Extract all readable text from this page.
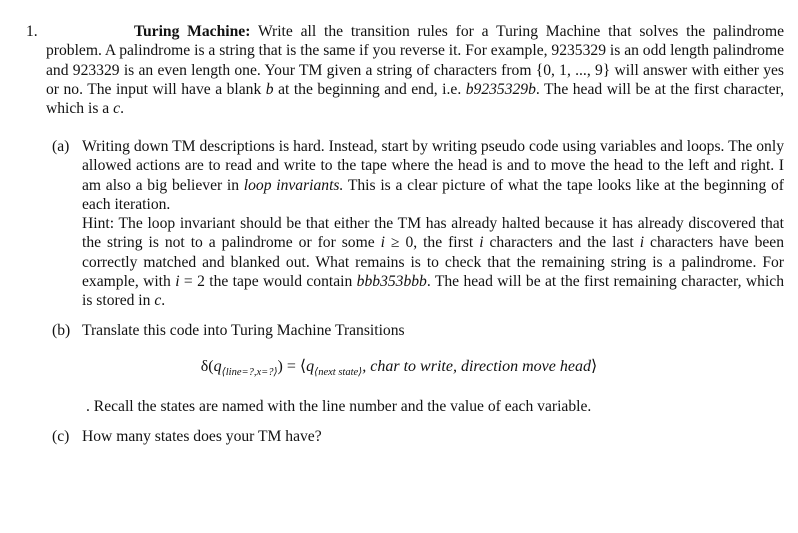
1.	Turing Machine: Write all the transition rules for a Turing Machine that solves the palindrome problem. A palindrome is a string that is the same if you reverse it. For example, 9235329 is an odd length palindrome and 923329 is an even length one. Your TM given a string of characters from {0, 1, ..., 9} will answer with either yes or no. The input will have a blank b at the beginning and end, i.e. b9235329b. The head will be at the first character, which is a c.

(a) Writing down TM descriptions is hard. Instead, start by writing pseudo code using variables and loops. The only allowed actions are to read and write to the tape where the head is and to move the head to the left and right. I am also a big believer in loop invariants. This is a clear picture of what the tape looks like at the beginning of each iteration.
Hint: The loop invariant should be that either the TM has already halted because it has already discovered that the string is not to a palindrome or for some i ≥ 0, the first i characters and the last i characters have been correctly matched and blanked out. What remains is to check that the remaining string is a palindrome. For example, with i = 2 the tape would contain bbb353bbb. The head will be at the first remaining character, which is stored in c.
(b) Translate this code into Turing Machine Transitions
$\delta(q_{⟨line=?,x=?⟩})$ = $⟨q_{⟨next state⟩}$, char to write, direction move head⟩
. Recall the states are named with the line number and the value of each variable.
(c) How many states does your TM have?
